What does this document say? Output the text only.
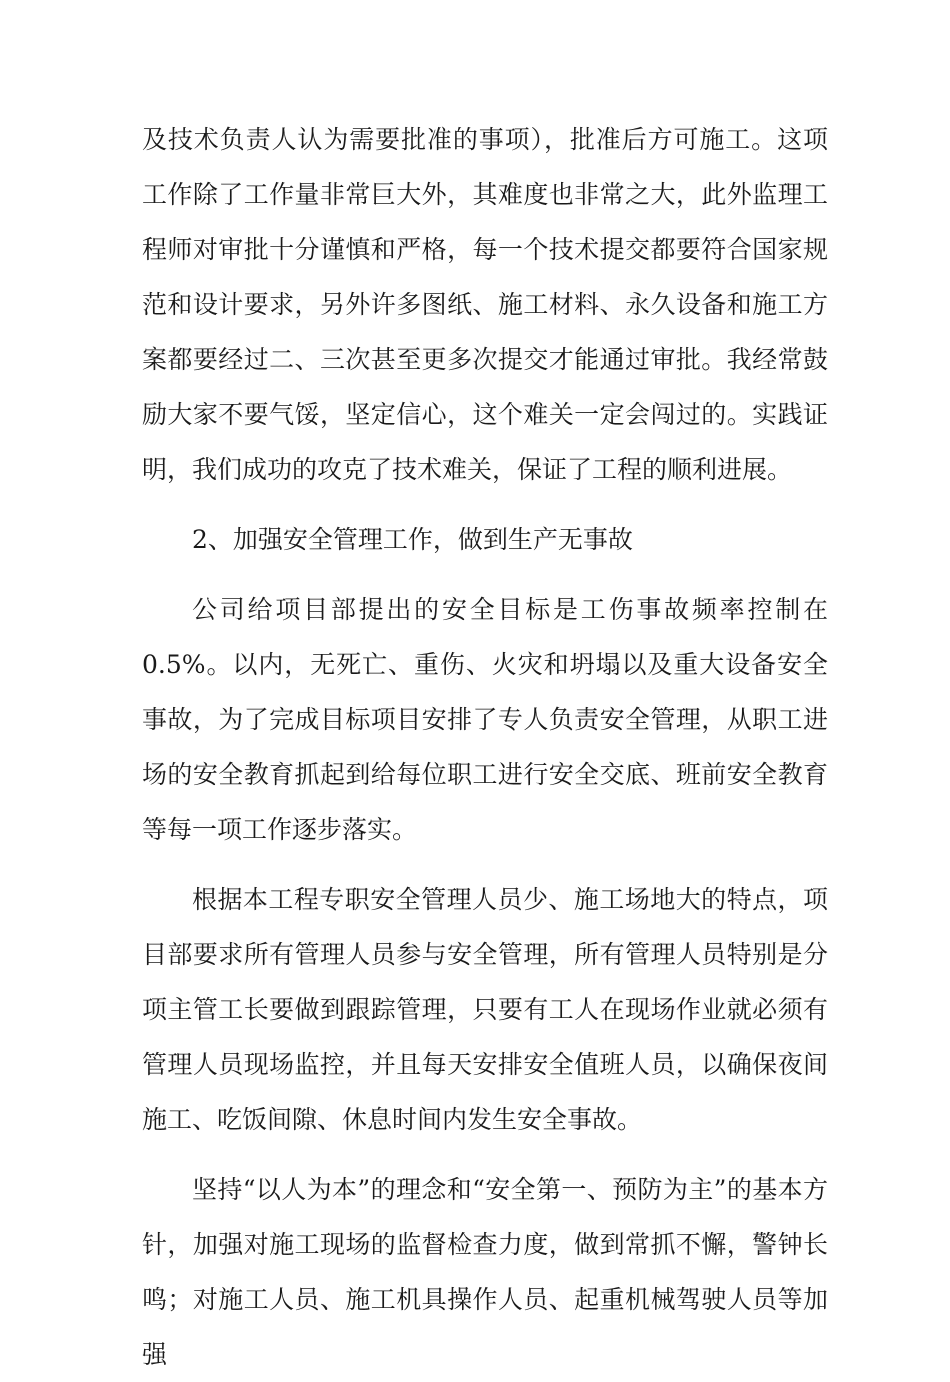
及技术负责人认为需要批准的事项），批准后方可施工。这项工作除了工作量非常巨大外，其难度也非常之大，此外监理工程师对审批十分谨慎和严格，每一个技术提交都要符合国家规范和设计要求，另外许多图纸、施工材料、永久设备和施工方案都要经过二、三次甚至更多次提交才能通过审批。我经常鼓励大家不要气馁，坚定信心，这个难关一定会闯过的。实践证明，我们成功的攻克了技术难关，保证了工程的顺利进展。

2、加强安全管理工作，做到生产无事故

公司给项目部提出的安全目标是工伤事故频率控制在0.5%。以内，无死亡、重伤、火灾和坍塌以及重大设备安全事故，为了完成目标项目安排了专人负责安全管理，从职工进场的安全教育抓起到给每位职工进行安全交底、班前安全教育等每一项工作逐步落实。

根据本工程专职安全管理人员少、施工场地大的特点，项目部要求所有管理人员参与安全管理，所有管理人员特别是分项主管工长要做到跟踪管理，只要有工人在现场作业就必须有管理人员现场监控，并且每天安排安全值班人员，以确保夜间施工、吃饭间隙、休息时间内发生安全事故。

坚持“以人为本”的理念和“安全第一、预防为主”的基本方针，加强对施工现场的监督检查力度，做到常抓不懈，警钟长鸣；对施工人员、施工机具操作人员、起重机械驾驶人员等加强
